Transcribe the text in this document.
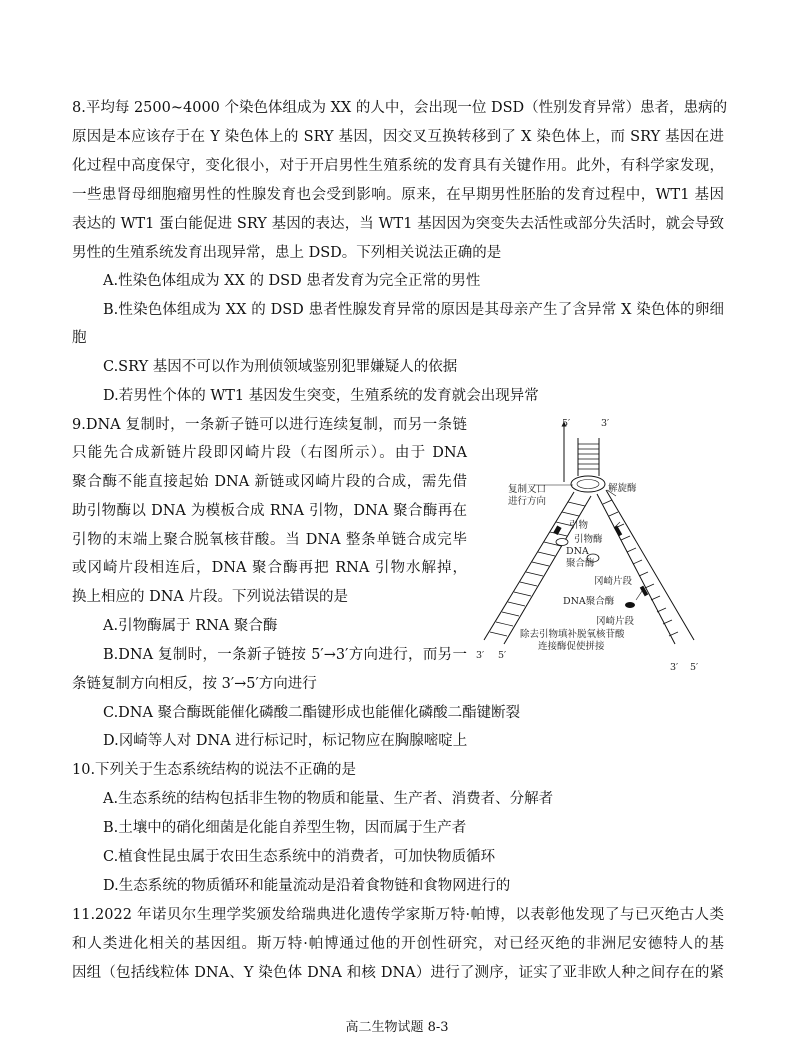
8.平均每 2500~4000 个染色体组成为 XX 的人中，会出现一位 DSD（性别发育异常）患者，患病的
原因是本应该存于在 Y 染色体上的 SRY 基因，因交叉互换转移到了 X 染色体上，而 SRY 基因在进
化过程中高度保守，变化很小，对于开启男性生殖系统的发育具有关键作用。此外，有科学家发现，
一些患肾母细胞瘤男性的性腺发育也会受到影响。原来，在早期男性胚胎的发育过程中，WT1 基因
表达的 WT1 蛋白能促进 SRY 基因的表达，当 WT1 基因因为突变失去活性或部分失活时，就会导致
男性的生殖系统发育出现异常，患上 DSD。下列相关说法正确的是
A.性染色体组成为 XX 的 DSD 患者发育为完全正常的男性
B.性染色体组成为 XX 的 DSD 患者性腺发育异常的原因是其母亲产生了含异常 X 染色体的卵细
胞
C.SRY 基因不可以作为刑侦领域鉴别犯罪嫌疑人的依据
D.若男性个体的 WT1 基因发生突变，生殖系统的发育就会出现异常
9.DNA 复制时，一条新子链可以进行连续复制，而另一条链
只能先合成新链片段即冈崎片段（右图所示）。由于 DNA
聚合酶不能直接起始 DNA 新链或冈崎片段的合成，需先借
助引物酶以 DNA 为模板合成 RNA 引物，DNA 聚合酶再在
引物的末端上聚合脱氧核苷酸。当 DNA 整条单链合成完毕
或冈崎片段相连后，DNA 聚合酶再把 RNA 引物水解掉，
换上相应的 DNA 片段。下列说法错误的是
A.引物酶属于 RNA 聚合酶
B.DNA 复制时，一条新子链按 5′→3′方向进行，而另一
条链复制方向相反，按 3′→5′方向进行
C.DNA 聚合酶既能催化磷酸二酯键形成也能催化磷酸二酯键断裂
D.冈崎等人对 DNA 进行标记时，标记物应在胸腺嘧啶上
10.下列关于生态系统结构的说法不正确的是
A.生态系统的结构包括非生物的物质和能量、生产者、消费者、分解者
B.土壤中的硝化细菌是化能自养型生物，因而属于生产者
C.植食性昆虫属于农田生态系统中的消费者，可加快物质循环
D.生态系统的物质循环和能量流动是沿着食物链和食物网进行的
11.2022 年诺贝尔生理学奖颁发给瑞典进化遗传学家斯万特·帕博，以表彰他发现了与已灭绝古人类
和人类进化相关的基因组。斯万特·帕博通过他的开创性研究，对已经灭绝的非洲尼安德特人的基
因组（包括线粒体 DNA、Y 染色体 DNA 和核 DNA）进行了测序，证实了亚非欧人种之间存在的紧
5′	3′
复制叉口
进行方向
解旋酶
引物
引物酶
DNA
聚合酶
冈崎片段
DNA聚合酶
冈崎片段
除去引物填补脱氧核苷酸
连接酶促使拼接
3′ 5′
3′ 5′
高二生物试题 8-3
